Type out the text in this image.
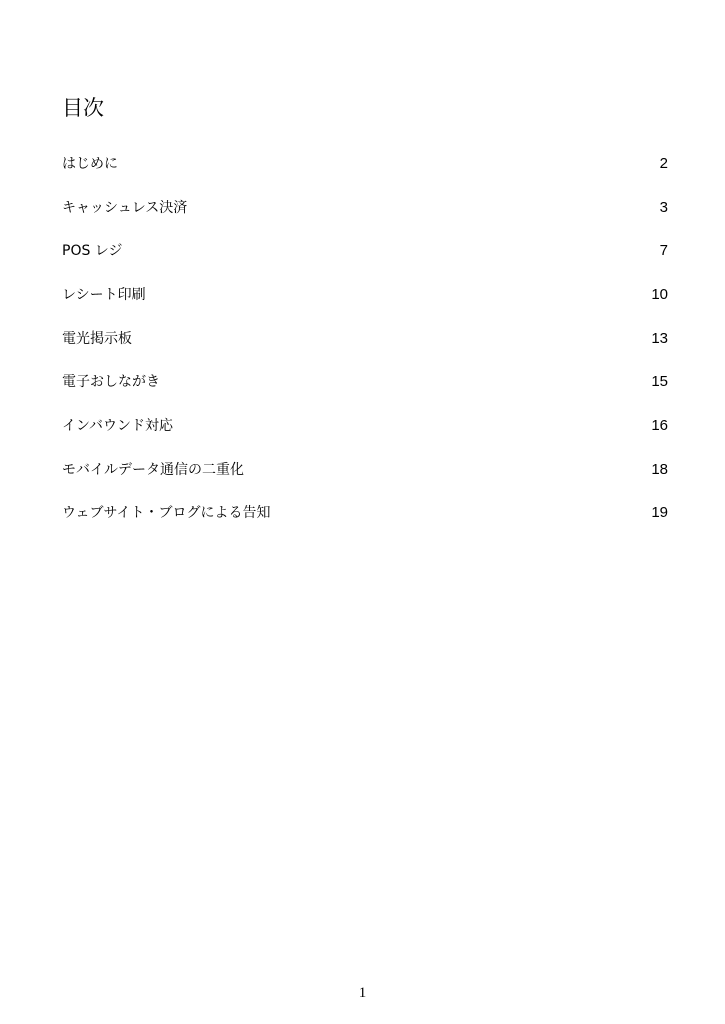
目次
はじめに	2
キャッシュレス決済	3
POS レジ	7
レシート印刷	10
電光掲示板	13
電子おしながき	15
インバウンド対応	16
モバイルデータ通信の二重化	18
ウェブサイト・ブログによる告知	19
1
